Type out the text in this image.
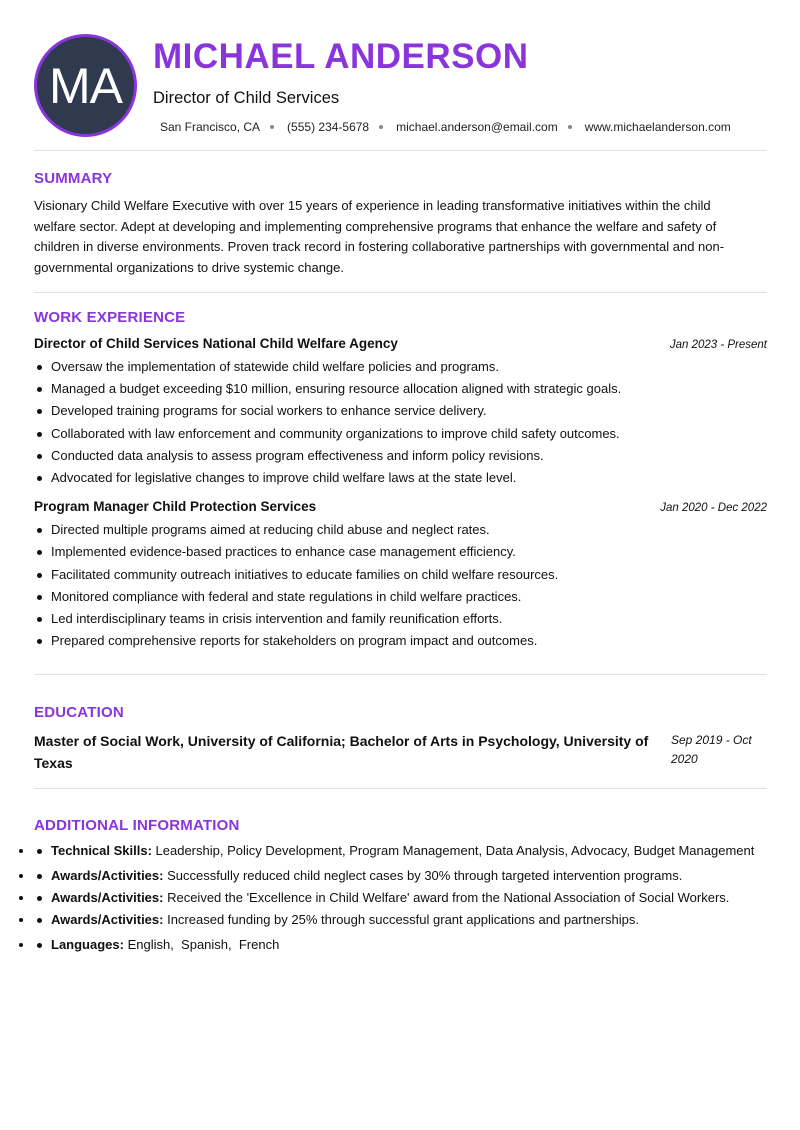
MA
MICHAEL ANDERSON
Director of Child Services
San Francisco, CA (555) 234-5678 michael.anderson@email.com www.michaelanderson.com
SUMMARY
Visionary Child Welfare Executive with over 15 years of experience in leading transformative initiatives within the child welfare sector. Adept at developing and implementing comprehensive programs that enhance the welfare and safety of children in diverse environments. Proven track record in fostering collaborative partnerships with governmental and non-governmental organizations to drive systemic change.
WORK EXPERIENCE
Director of Child Services National Child Welfare Agency	Jan 2023 - Present
Oversaw the implementation of statewide child welfare policies and programs.
Managed a budget exceeding $10 million, ensuring resource allocation aligned with strategic goals.
Developed training programs for social workers to enhance service delivery.
Collaborated with law enforcement and community organizations to improve child safety outcomes.
Conducted data analysis to assess program effectiveness and inform policy revisions.
Advocated for legislative changes to improve child welfare laws at the state level.
Program Manager Child Protection Services	Jan 2020 - Dec 2022
Directed multiple programs aimed at reducing child abuse and neglect rates.
Implemented evidence-based practices to enhance case management efficiency.
Facilitated community outreach initiatives to educate families on child welfare resources.
Monitored compliance with federal and state regulations in child welfare practices.
Led interdisciplinary teams in crisis intervention and family reunification efforts.
Prepared comprehensive reports for stakeholders on program impact and outcomes.
EDUCATION
Master of Social Work, University of California; Bachelor of Arts in Psychology, University of Texas
Sep 2019 - Oct 2020
ADDITIONAL INFORMATION
• Technical Skills: Leadership, Policy Development, Program Management, Data Analysis, Advocacy, Budget Management
• Awards/Activities: Successfully reduced child neglect cases by 30% through targeted intervention programs.
• Awards/Activities: Received the 'Excellence in Child Welfare' award from the National Association of Social Workers.
• Awards/Activities: Increased funding by 25% through successful grant applications and partnerships.
• Languages: English,  Spanish,  French
